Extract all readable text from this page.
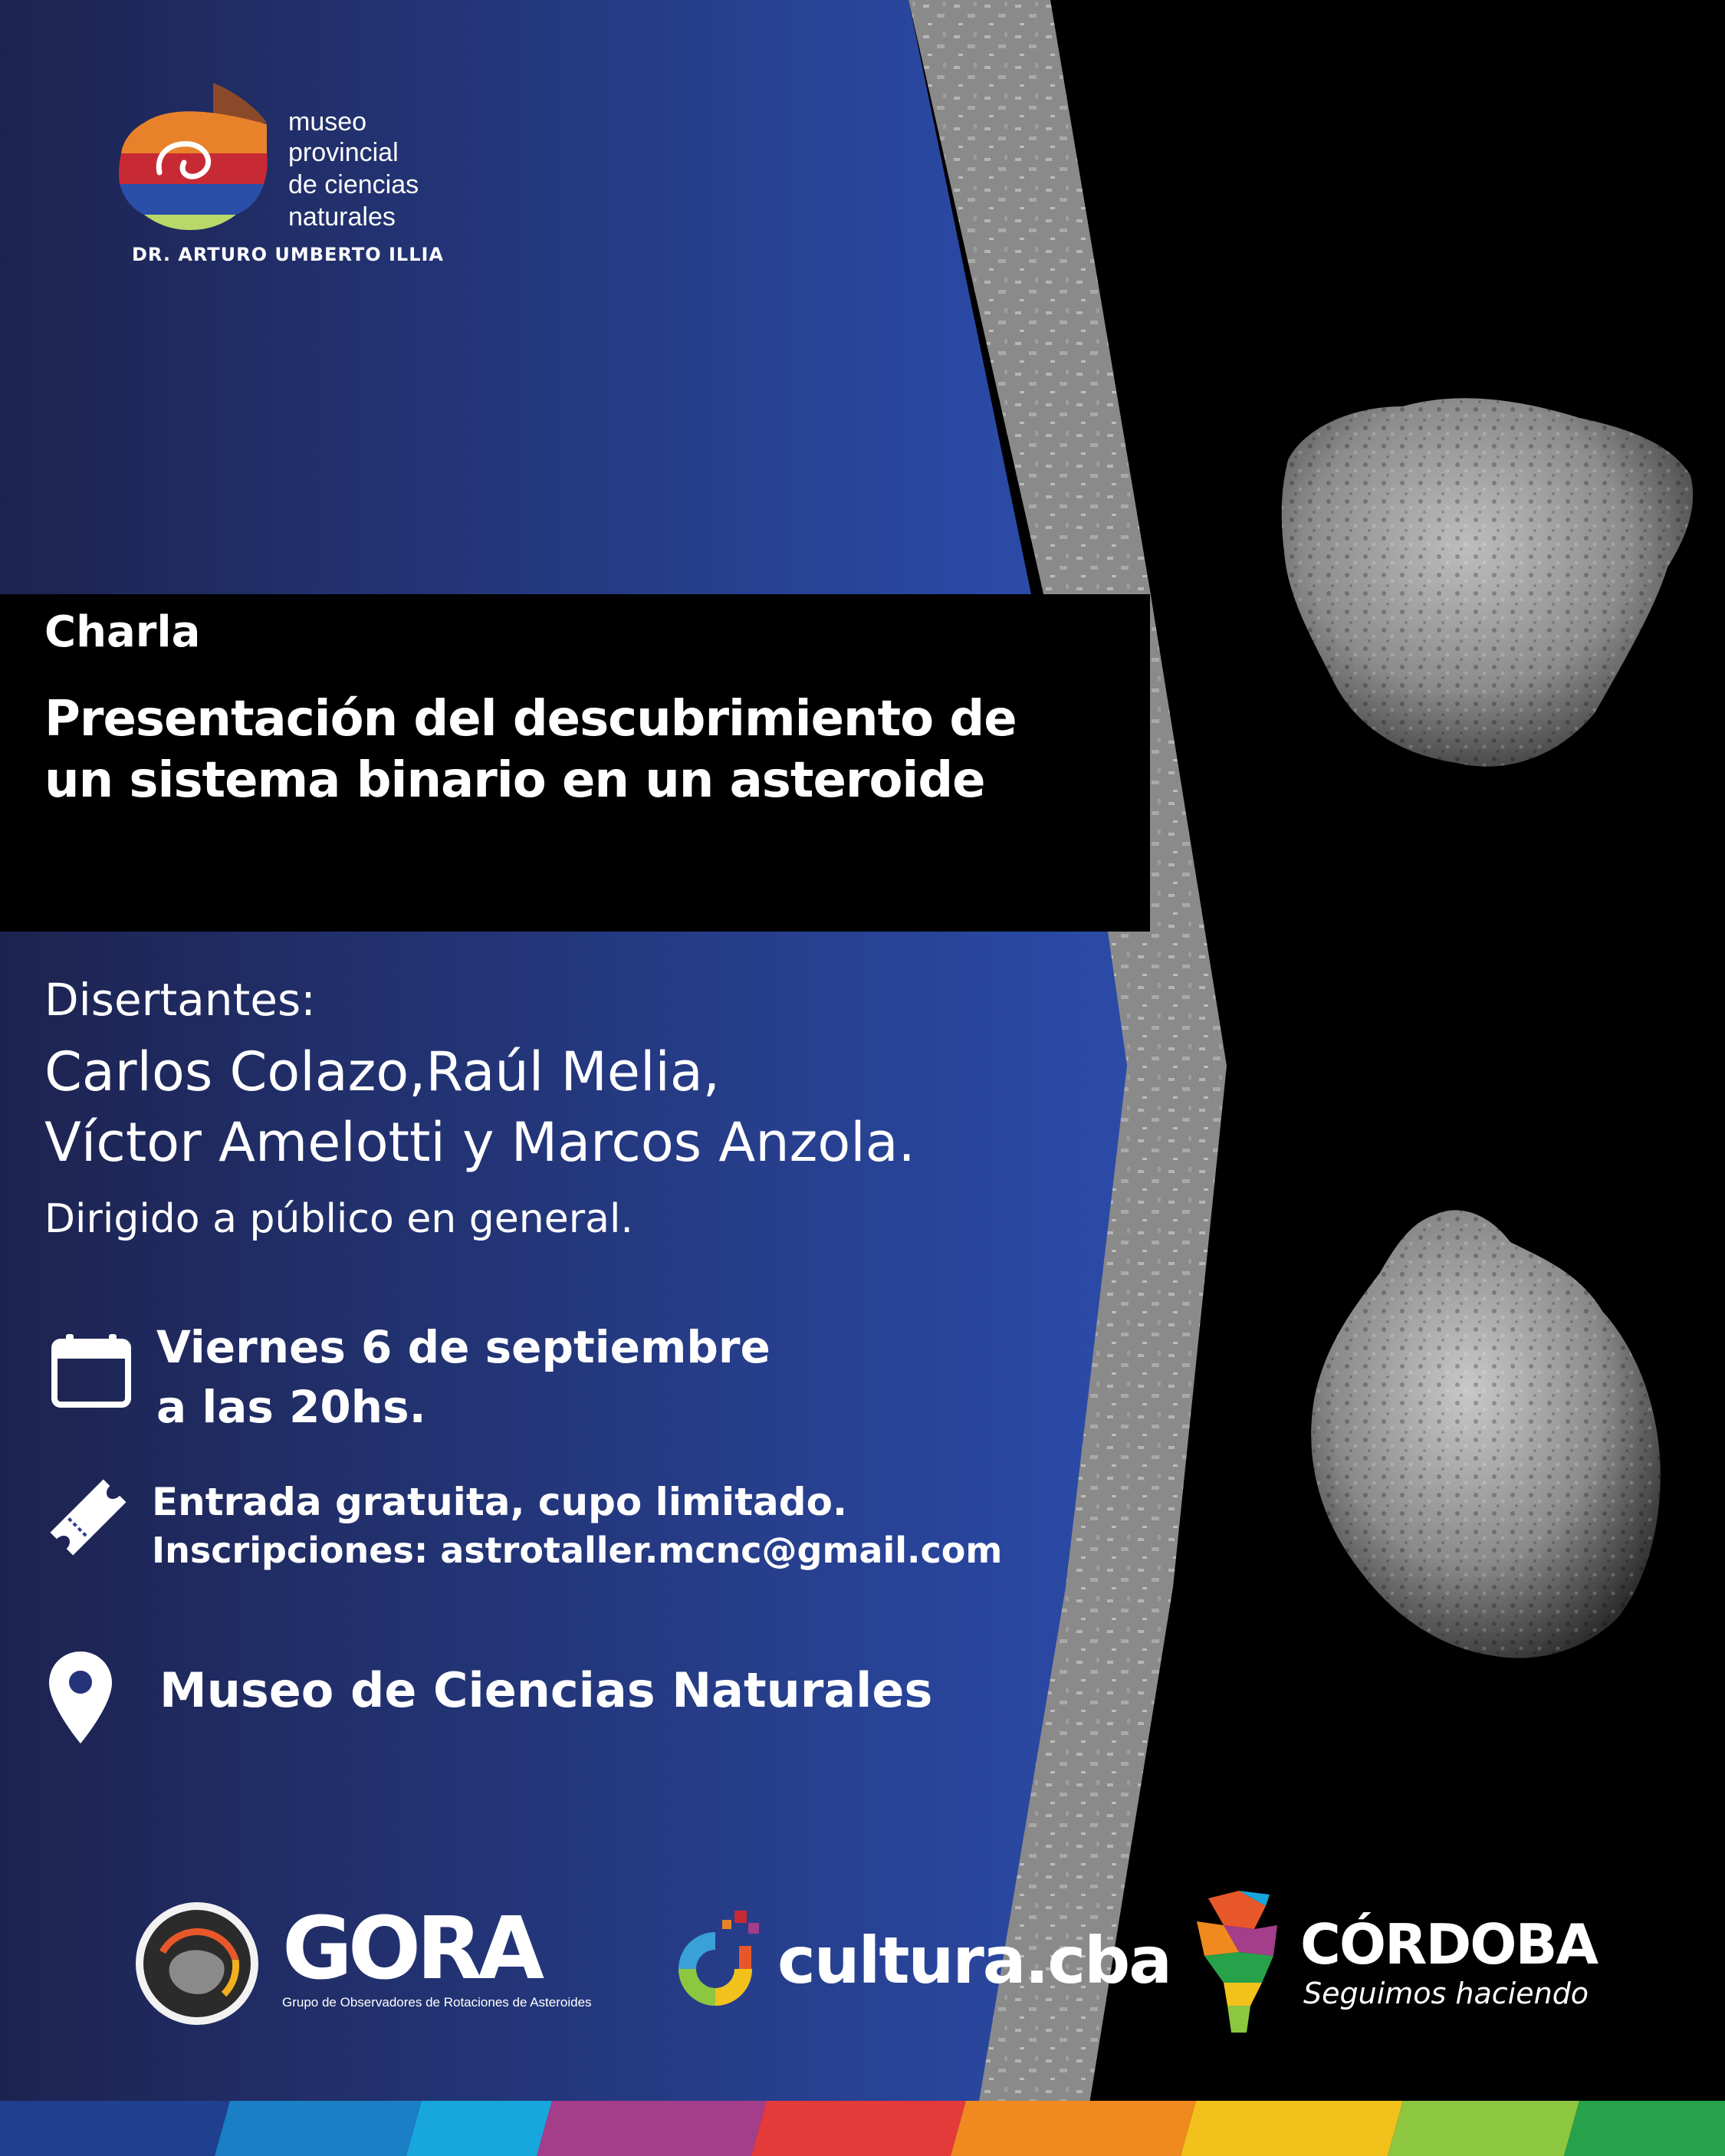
museo
provincial
de ciencias
naturales
DR. ARTURO UMBERTO ILLIA
Charla
Presentación del descubrimiento de
un sistema binario en un asteroide
Disertantes:
Carlos Colazo,Raúl Melia,
Víctor Amelotti y Marcos Anzola.
Dirigido a público en general.
Viernes 6 de septiembre
a las 20hs.
Entrada gratuita, cupo limitado.
Inscripciones: astrotaller.mcnc@gmail.com
Museo de Ciencias Naturales
GORA
Grupo de Observadores de Rotaciones de Asteroides
cultura.cba CÓRDOBA
Seguimos haciendo
